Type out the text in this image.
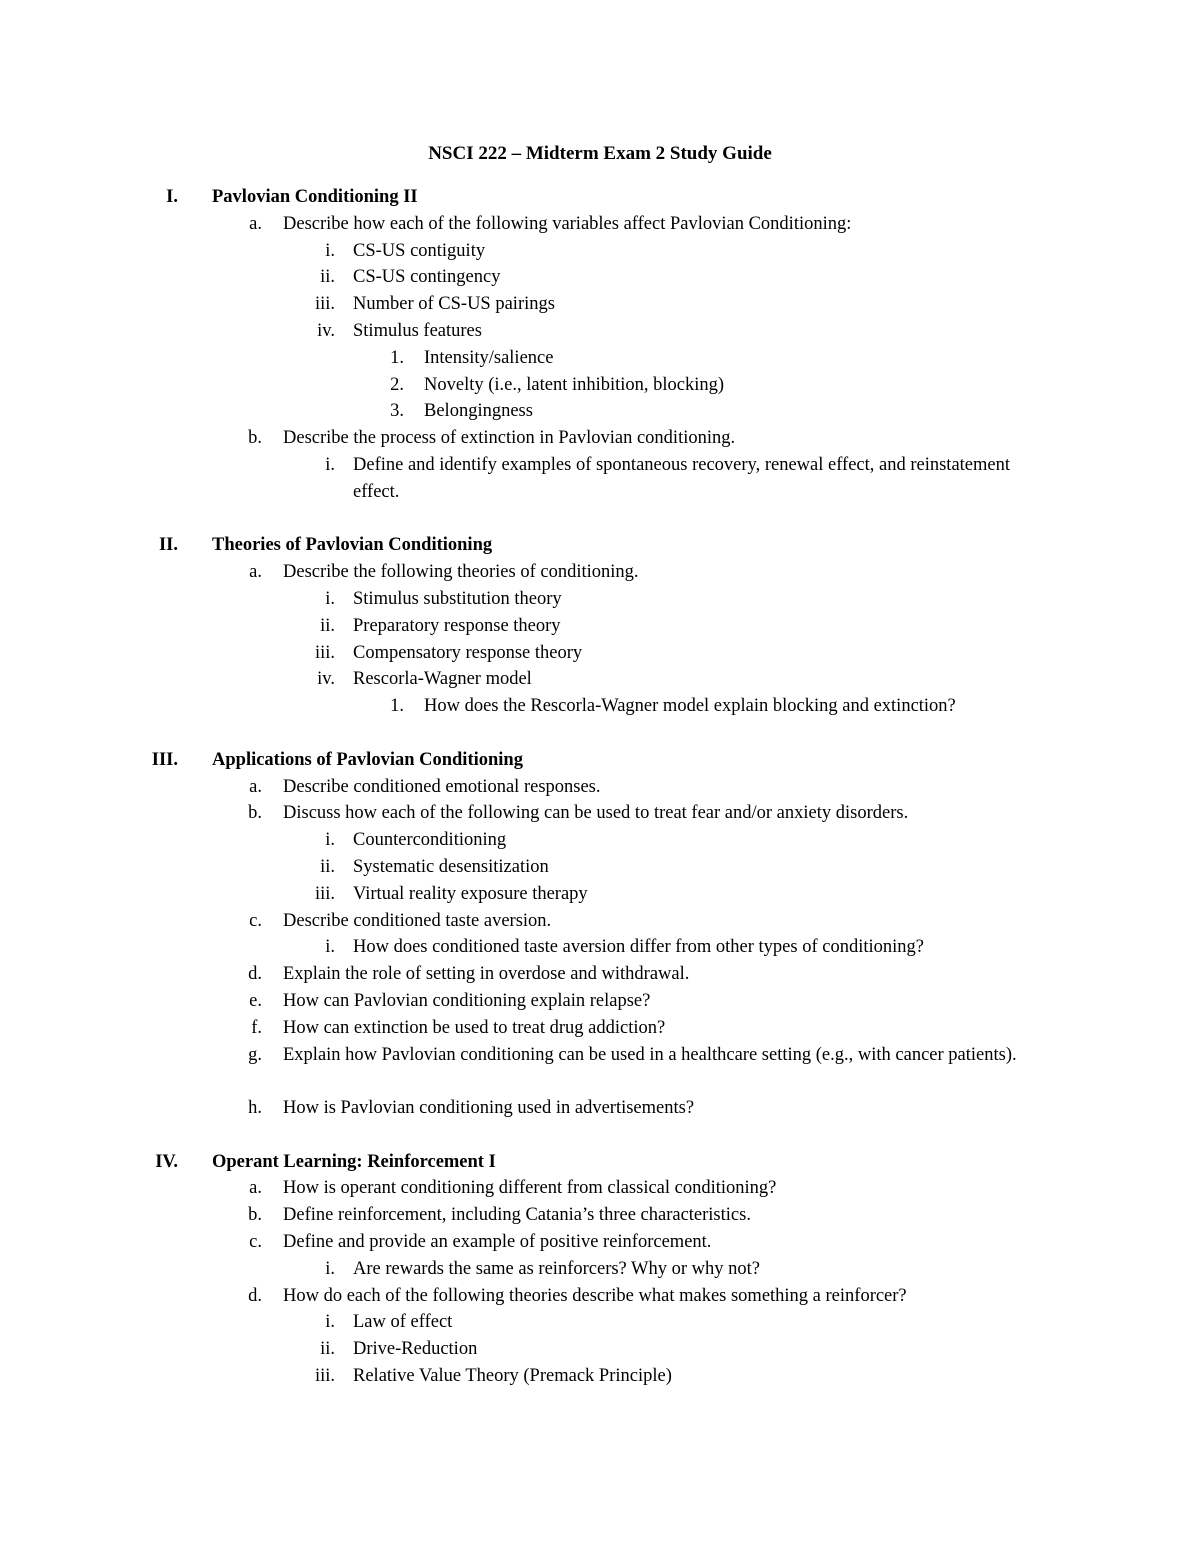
NSCI 222 – Midterm Exam 2 Study Guide
I. Pavlovian Conditioning II
a. Describe how each of the following variables affect Pavlovian Conditioning:
i. CS-US contiguity
ii. CS-US contingency
iii. Number of CS-US pairings
iv. Stimulus features
1. Intensity/salience
2. Novelty (i.e., latent inhibition, blocking)
3. Belongingness
b. Describe the process of extinction in Pavlovian conditioning.
i. Define and identify examples of spontaneous recovery, renewal effect, and reinstatement effect.
II. Theories of Pavlovian Conditioning
a. Describe the following theories of conditioning.
i. Stimulus substitution theory
ii. Preparatory response theory
iii. Compensatory response theory
iv. Rescorla-Wagner model
1. How does the Rescorla-Wagner model explain blocking and extinction?
III. Applications of Pavlovian Conditioning
a. Describe conditioned emotional responses.
b. Discuss how each of the following can be used to treat fear and/or anxiety disorders.
i. Counterconditioning
ii. Systematic desensitization
iii. Virtual reality exposure therapy
c. Describe conditioned taste aversion.
i. How does conditioned taste aversion differ from other types of conditioning?
d. Explain the role of setting in overdose and withdrawal.
e. How can Pavlovian conditioning explain relapse?
f. How can extinction be used to treat drug addiction?
g. Explain how Pavlovian conditioning can be used in a healthcare setting (e.g., with cancer patients).
h. How is Pavlovian conditioning used in advertisements?
IV. Operant Learning: Reinforcement I
a. How is operant conditioning different from classical conditioning?
b. Define reinforcement, including Catania’s three characteristics.
c. Define and provide an example of positive reinforcement.
i. Are rewards the same as reinforcers? Why or why not?
d. How do each of the following theories describe what makes something a reinforcer?
i. Law of effect
ii. Drive-Reduction
iii. Relative Value Theory (Premack Principle)
